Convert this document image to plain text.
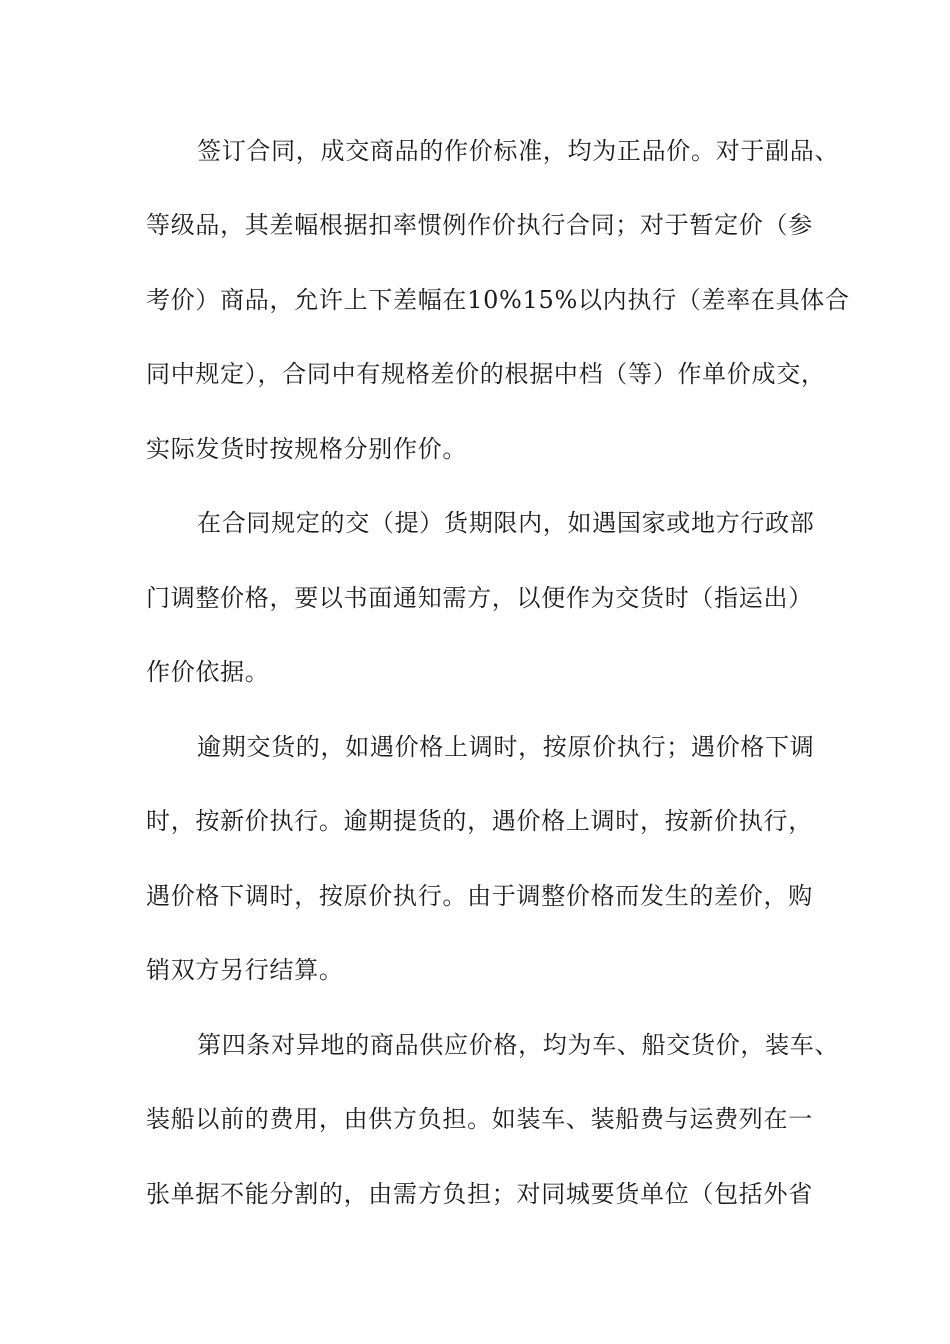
签订合同，成交商品的作价标准，均为正品价。对于副品、
等级品，其差幅根据扣率惯例作价执行合同；对于暂定价（参
考价）商品，允许上下差幅在10%15%以内执行（差率在具体合
同中规定），合同中有规格差价的根据中档（等）作单价成交，
实际发货时按规格分别作价。
在合同规定的交（提）货期限内，如遇国家或地方行政部
门调整价格，要以书面通知需方，以便作为交货时（指运出）
作价依据。
逾期交货的，如遇价格上调时，按原价执行；遇价格下调
时，按新价执行。逾期提货的，遇价格上调时，按新价执行，
遇价格下调时，按原价执行。由于调整价格而发生的差价，购
销双方另行结算。
第四条对异地的商品供应价格，均为车、船交货价，装车、
装船以前的费用，由供方负担。如装车、装船费与运费列在一
张单据不能分割的，由需方负担；对同城要货单位（包括外省
